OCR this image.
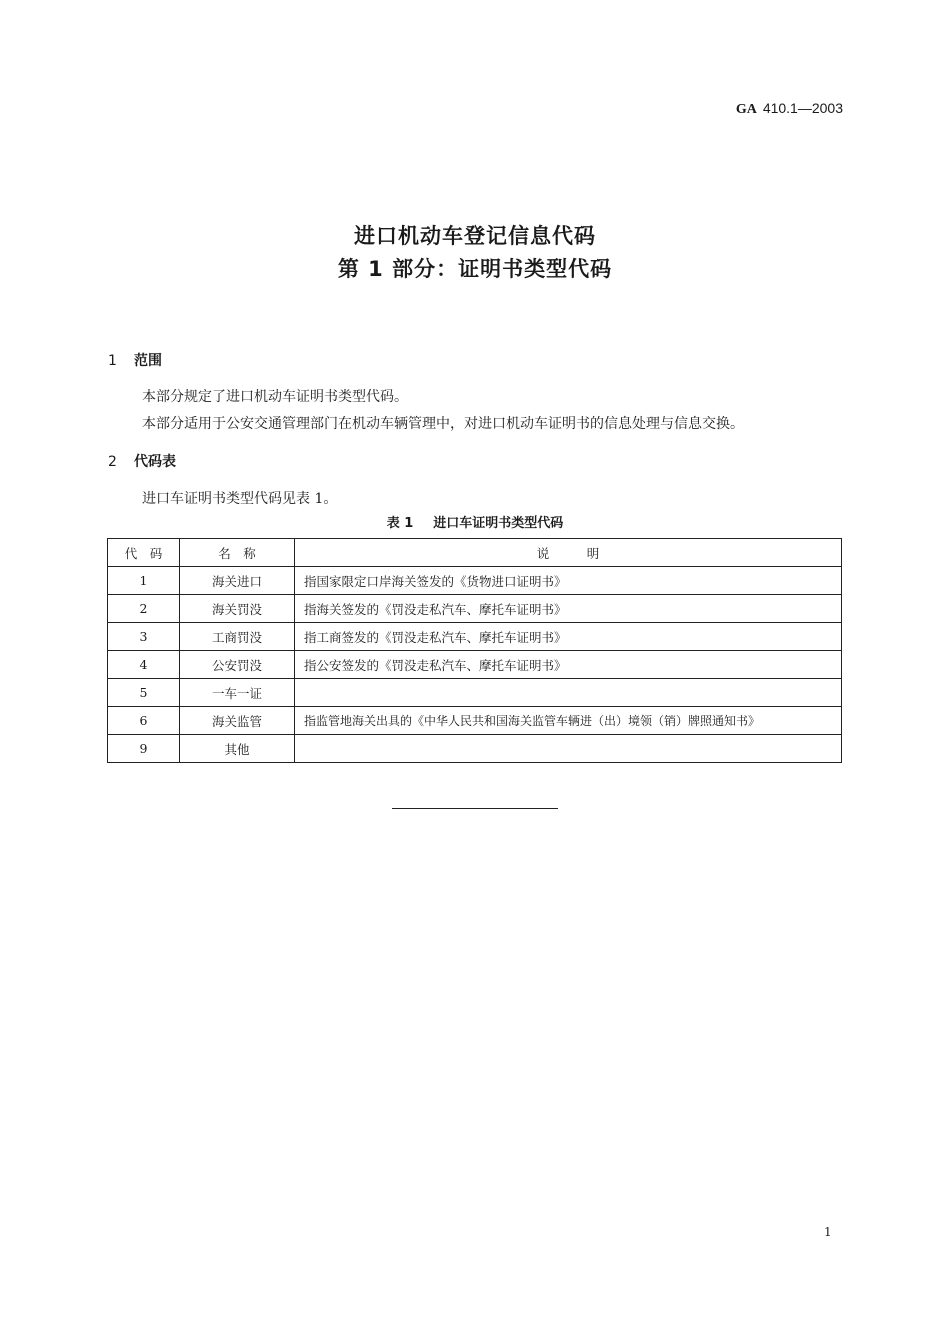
GA 410.1—2003
进口机动车登记信息代码
第 1 部分：证明书类型代码
1 范围
本部分规定了进口机动车证明书类型代码。
本部分适用于公安交通管理部门在机动车辆管理中，对进口机动车证明书的信息处理与信息交换。
2 代码表
进口车证明书类型代码见表 1。
表 1 进口车证明书类型代码
代　码	名　称	说　　　明
1	海关进口	指国家限定口岸海关签发的《货物进口证明书》
2	海关罚没	指海关签发的《罚没走私汽车、摩托车证明书》
3	工商罚没	指工商签发的《罚没走私汽车、摩托车证明书》
4	公安罚没	指公安签发的《罚没走私汽车、摩托车证明书》
5	一车一证	
6	海关监管	指监管地海关出具的《中华人民共和国海关监管车辆进（出）境领（销）牌照通知书》
9	其他	
1
